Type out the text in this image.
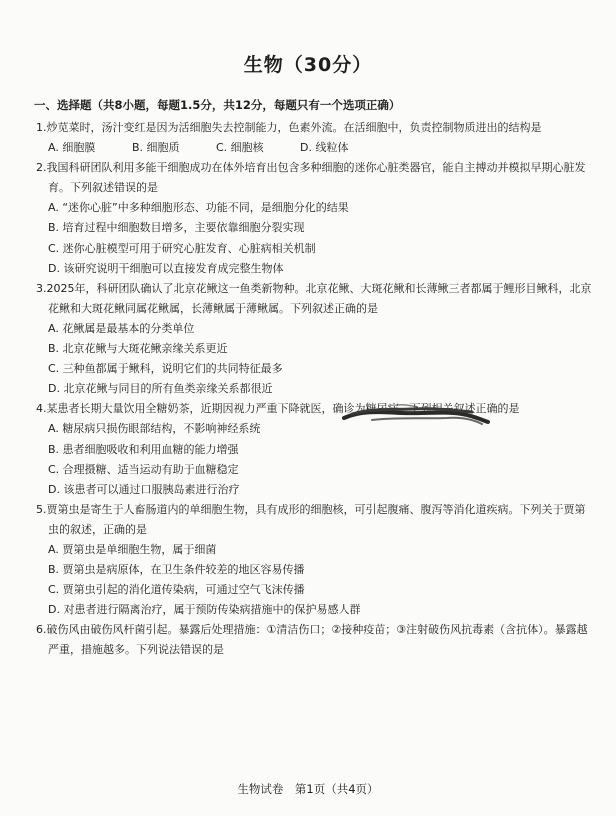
生物（30分）
一、选择题（共8小题，每题1.5分，共12分，每题只有一个选项正确）
1.炒苋菜时，汤汁变红是因为活细胞失去控制能力，色素外流。在活细胞中，负责控制物质进出的结构是
A. 细胞膜	B. 细胞质	C. 细胞核	D. 线粒体
2.我国科研团队利用多能干细胞成功在体外培育出包含多种细胞的迷你心脏类器官，能自主搏动并模拟早期心脏发育。下列叙述错误的是
A. “迷你心脏”中多种细胞形态、功能不同，是细胞分化的结果
B. 培育过程中细胞数目增多，主要依靠细胞分裂实现
C. 迷你心脏模型可用于研究心脏发育、心脏病相关机制
D. 该研究说明干细胞可以直接发育成完整生物体
3.2025年，科研团队确认了北京花鳅这一鱼类新物种。北京花鳅、大斑花鳅和长薄鳅三者都属于鲤形目鳅科，北京花鳅和大斑花鳅同属花鳅属，长薄鳅属于薄鳅属。下列叙述正确的是
A. 花鳅属是最基本的分类单位
B. 北京花鳅与大斑花鳅亲缘关系更近
C. 三种鱼都属于鳅科，说明它们的共同特征最多
D. 北京花鳅与同目的所有鱼类亲缘关系都很近
4.某患者长期大量饮用全糖奶茶，近期因视力严重下降就医，确诊为糖尿病。下列相关叙述正确的是
A. 糖尿病只损伤眼部结构，不影响神经系统
B. 患者细胞吸收和利用血糖的能力增强
C. 合理摄糖、适当运动有助于血糖稳定
D. 该患者可以通过口服胰岛素进行治疗
5.贾第虫是寄生于人畜肠道内的单细胞生物，具有成形的细胞核，可引起腹痛、腹泻等消化道疾病。下列关于贾第虫的叙述，正确的是
A. 贾第虫是单细胞生物，属于细菌
B. 贾第虫是病原体，在卫生条件较差的地区容易传播
C. 贾第虫引起的消化道传染病，可通过空气飞沫传播
D. 对患者进行隔离治疗，属于预防传染病措施中的保护易感人群
6.破伤风由破伤风杆菌引起。暴露后处理措施：①清洁伤口；②接种疫苗；③注射破伤风抗毒素（含抗体）。暴露越严重，措施越多。下列说法错误的是
生物试卷　第1页（共4页）
